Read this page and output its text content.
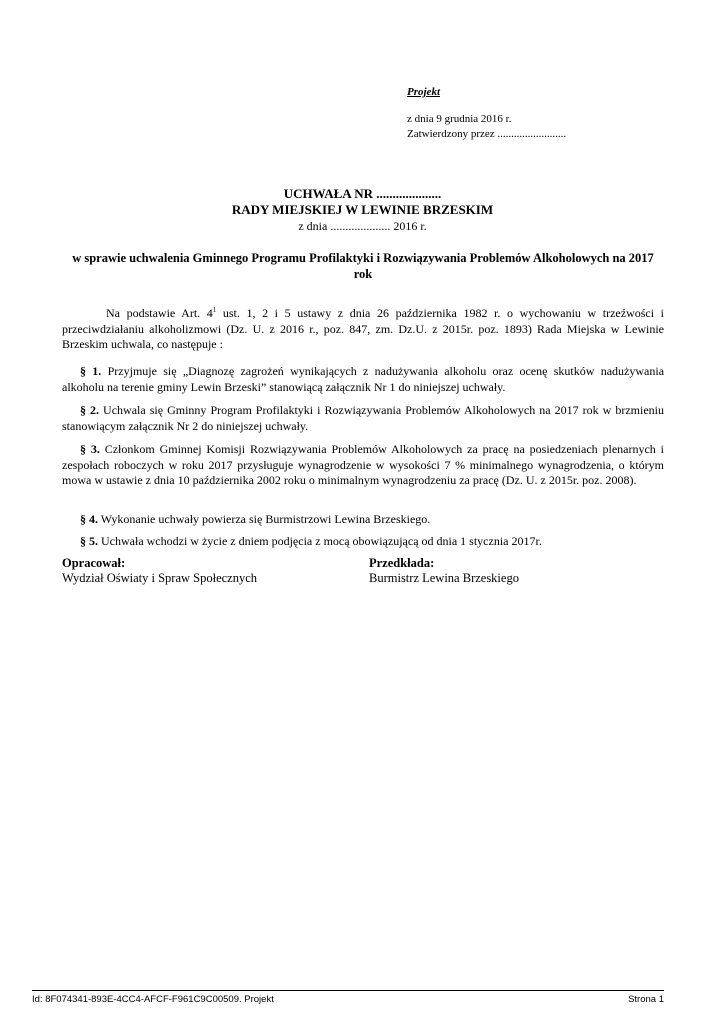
Projekt
z dnia 9 grudnia 2016 r.
Zatwierdzony przez .........................
UCHWAŁA NR ....................
RADY MIEJSKIEJ W LEWINIE BRZESKIM
z dnia .................... 2016 r.
w sprawie uchwalenia Gminnego Programu Profilaktyki i Rozwiązywania Problemów Alkoholowych na 2017 rok
Na podstawie Art. $4^1$ ust. 1, 2 i 5 ustawy z dnia 26 października 1982 r. o wychowaniu w trzeźwości i przeciwdziałaniu alkoholizmowi (Dz. U. z 2016 r., poz. 847, zm. Dz.U. z 2015r. poz. 1893) Rada Miejska w Lewinie Brzeskim uchwala, co następuje :
§ 1. Przyjmuje się „Diagnozę zagrożeń wynikających z nadużywania alkoholu oraz ocenę skutków nadużywania alkoholu na terenie gminy Lewin Brzeski” stanowiącą załącznik Nr 1 do niniejszej uchwały.
§ 2. Uchwala się Gminny Program Profilaktyki i Rozwiązywania Problemów Alkoholowych na 2017 rok w brzmieniu stanowiącym załącznik Nr 2 do niniejszej uchwały.
§ 3. Członkom Gminnej Komisji Rozwiązywania Problemów Alkoholowych za pracę na posiedzeniach plenarnych i zespołach roboczych w roku 2017 przysługuje wynagrodzenie w wysokości 7 % minimalnego wynagrodzenia, o którym mowa w ustawie z dnia 10 października 2002 roku o minimalnym wynagrodzeniu za pracę (Dz. U. z 2015r. poz. 2008).
§ 4. Wykonanie uchwały powierza się Burmistrzowi Lewina Brzeskiego.
§ 5. Uchwała wchodzi w życie z dniem podjęcia z mocą obowiązującą od dnia 1 stycznia 2017r.
Opracował:
Wydział Oświaty i Spraw Społecznych
Przedkłada:
Burmistrz Lewina Brzeskiego
Id: 8F074341-893E-4CC4-AFCF-F961C9C00509. Projekt	Strona 1
